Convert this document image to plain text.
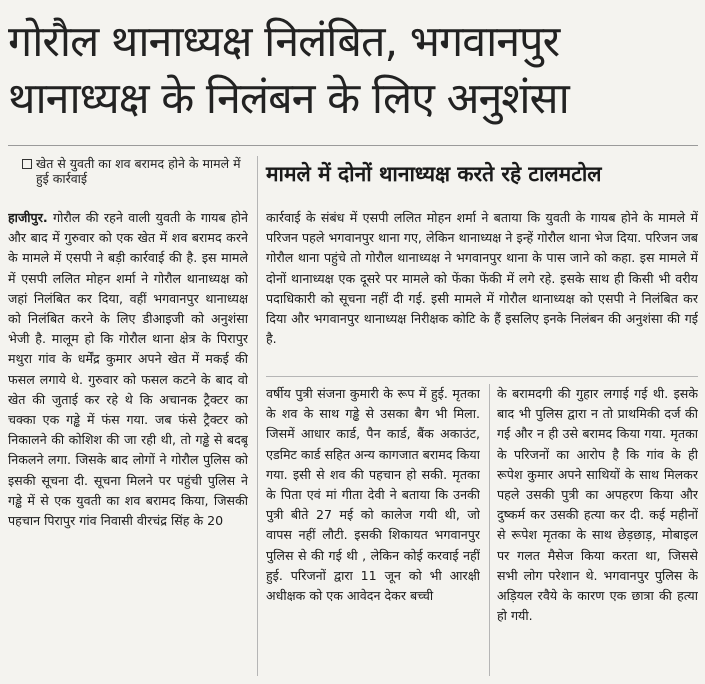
गोरौल थानाध्यक्ष निलंबित, भगवानपुर
थानाध्यक्ष के निलंबन के लिए अनुशंसा
खेत से युवती का शव बरामद होने के मामले में हुई कार्रवाई	मामले में दोनों थानाध्यक्ष करते रहे टालमटोल
हाजीपुर. गोरौल की रहने वाली युवती के गायब होने और बाद में गुरुवार को एक खेत में शव बरामद करने के मामले में एसपी ने बड़ी कार्रवाई की है. इस मामले में एसपी ललित मोहन शर्मा ने गोरौल थानाध्यक्ष को जहां निलंबित कर दिया, वहीं भगवानपुर थानाध्यक्ष को निलंबित करने के लिए डीआइजी को अनुशंसा भेजी है. मालूम हो कि गोरौल थाना क्षेत्र के पिरापुर मथुरा गांव के धर्मेंद्र कुमार अपने खेत में मकई की फसल लगाये थे. गुरुवार को फसल कटने के बाद वो खेत की जुताई कर रहे थे कि अचानक ट्रैक्टर का चक्का एक गड्ढे में फंस गया. जब फंसे ट्रैक्टर को निकालने की कोशिश की जा रही थी, तो गड्ढे से बदबू निकलने लगा. जिसके बाद लोगों ने गोरौल पुलिस को इसकी सूचना दी. सूचना मिलने पर पहुंची पुलिस ने गड्ढे में से एक युवती का शव बरामद किया, जिसकी पहचान पिरापुर गांव निवासी वीरचंद्र सिंह के 20
कार्रवाई के संबंध में एसपी ललित मोहन शर्मा ने बताया कि युवती के गायब होने के मामले में परिजन पहले भगवानपुर थाना गए, लेकिन थानाध्यक्ष ने इन्हें गोरौल थाना भेज दिया. परिजन जब गोरौल थाना पहुंचे तो गोरौल थानाध्यक्ष ने भगवानपुर थाना के पास जाने को कहा. इस मामले में दोनों थानाध्यक्ष एक दूसरे पर मामले को फेंका फेंकी में लगे रहे. इसके साथ ही किसी भी वरीय पदाधिकारी को सूचना नहीं दी गई. इसी मामले में गोरौल थानाध्यक्ष को एसपी ने निलंबित कर दिया और भगवानपुर थानाध्यक्ष निरीक्षक कोटि के हैं इसलिए इनके निलंबन की अनुशंसा की गई है.
वर्षीय पुत्री संजना कुमारी के रूप में हुई. मृतका के शव के साथ गड्ढे से उसका बैग भी मिला. जिसमें आधार कार्ड, पैन कार्ड, बैंक अकाउंट, एडमिट कार्ड सहित अन्य कागजात बरामद किया गया. इसी से शव की पहचान हो सकी. मृतका के पिता एवं मां गीता देवी ने बताया कि उनकी पुत्री बीते 27 मई को कालेज गयी थी, जो वापस नहीं लौटी. इसकी शिकायत भगवानपुर पुलिस से की गई थी , लेकिन कोई करवाई नहीं हुई. परिजनों द्वारा 11 जून को भी आरक्षी अधीक्षक को एक आवेदन देकर बच्ची
के बरामदगी की गुहार लगाई गई थी. इसके बाद भी पुलिस द्वारा न तो प्राथमिकी दर्ज की गई और न ही उसे बरामद किया गया. मृतका के परिजनों का आरोप है कि गांव के ही रूपेश कुमार अपने साथियों के साथ मिलकर पहले उसकी पुत्री का अपहरण किया और दुष्कर्म कर उसकी हत्या कर दी. कई महीनों से रूपेश मृतका के साथ छेड़छाड़, मोबाइल पर गलत मैसेज किया करता था, जिससे सभी लोग परेशान थे. भगवानपुर पुलिस के अड़ियल रवैये के कारण एक छात्रा की हत्या हो गयी.
